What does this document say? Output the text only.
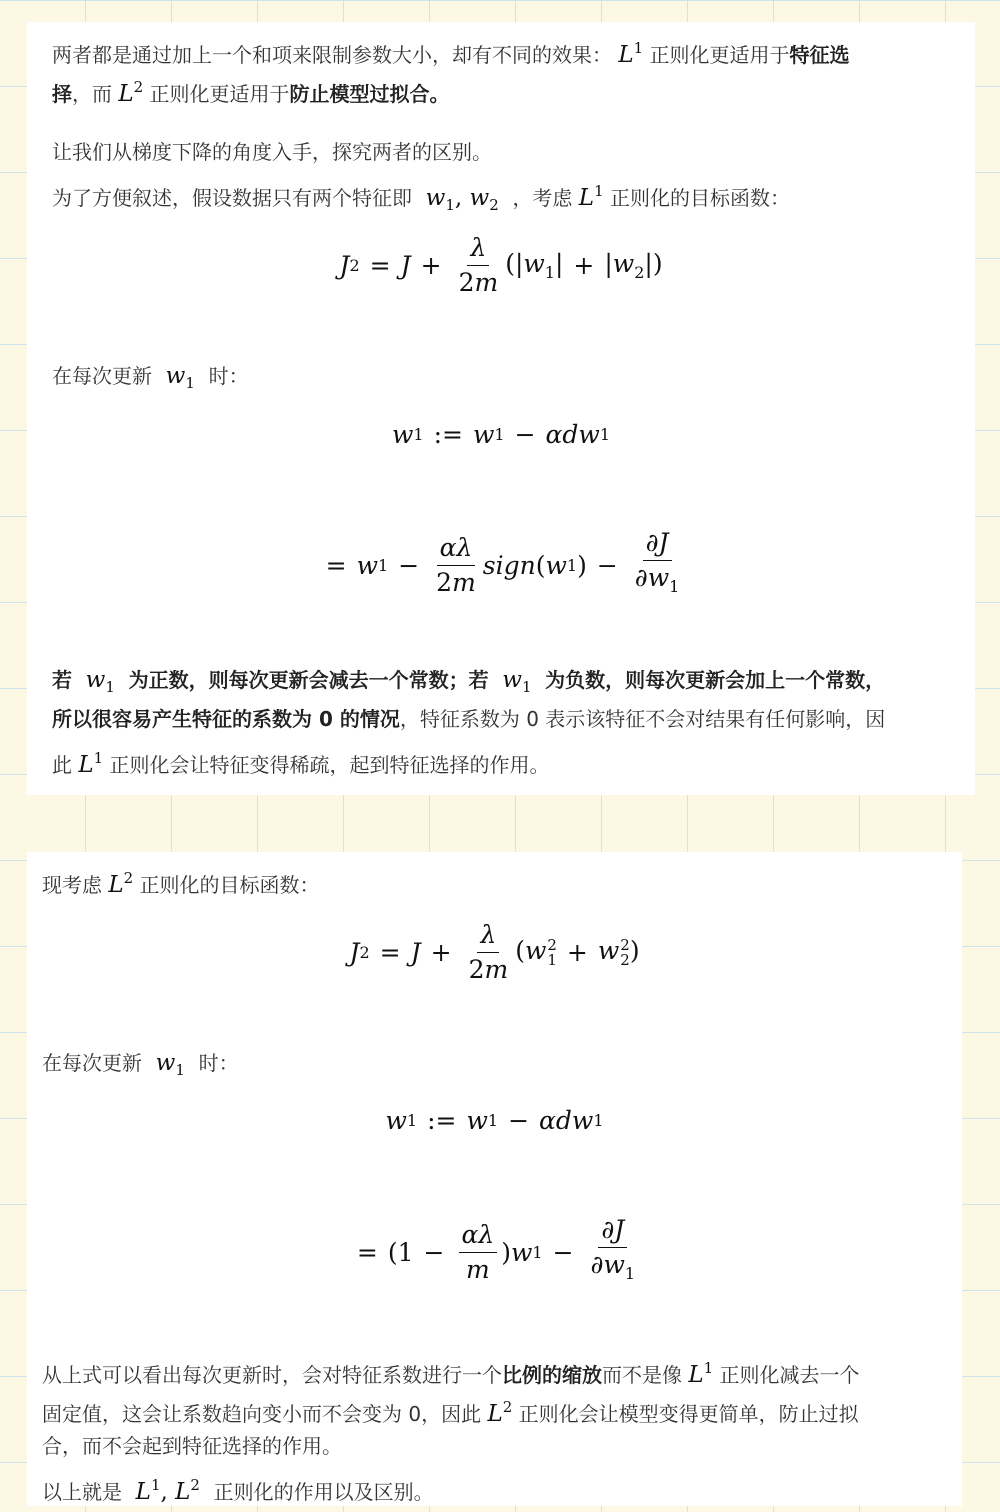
两者都是通过加上一个和项来限制参数大小，却有不同的效果： $L^1$ 正则化更适用于特征选
择，而 $L^2$ 正则化更适用于防止模型过拟合。
让我们从梯度下降的角度入手，探究两者的区别。
为了方便叙述，假设数据只有两个特征即  $w_1$, $w_2$ ，考虑 $L^1$ 正则化的目标函数：
J $2 = J + \frac{\lambda}{2m} (|w_1| + |w_2|)$
在每次更新  $w_1$ 时：
w 1 := w 1 − αdw 1
= w $1 - \frac{\alpha\lambda}{2m}$ sign ( w 1 ) − $\frac{\partial J}{\partial w_1}$
若  $w_1$ 为正数，则每次更新会减去一个常数；若  $w_1$ 为负数，则每次更新会加上一个常数，
所以很容易产生特征的系数为 0 的情况，特征系数为 0 表示该特征不会对结果有任何影响，因
此 $L^1$ 正则化会让特征变得稀疏，起到特征选择的作用。
现考虑 $L^2$ 正则化的目标函数：
J $2 = J + \frac{\lambda}{2m} (w$ 2
1 + w 2
2 )
在每次更新  $w_1$ 时：
w 1 := w 1 − αdw 1
= ($1 - \frac{\alpha\lambda}{m}$ ) w $1 - \frac{\partial J}{\partial w_1}$
从上式可以看出每次更新时，会对特征系数进行一个比例的缩放而不是像 $L^1$ 正则化减去一个
固定值，这会让系数趋向变小而不会变为 0，因此 $L^2$ 正则化会让模型变得更简单，防止过拟
合，而不会起到特征选择的作用。
以上就是  $L^1$, $L^2$ 正则化的作用以及区别。
